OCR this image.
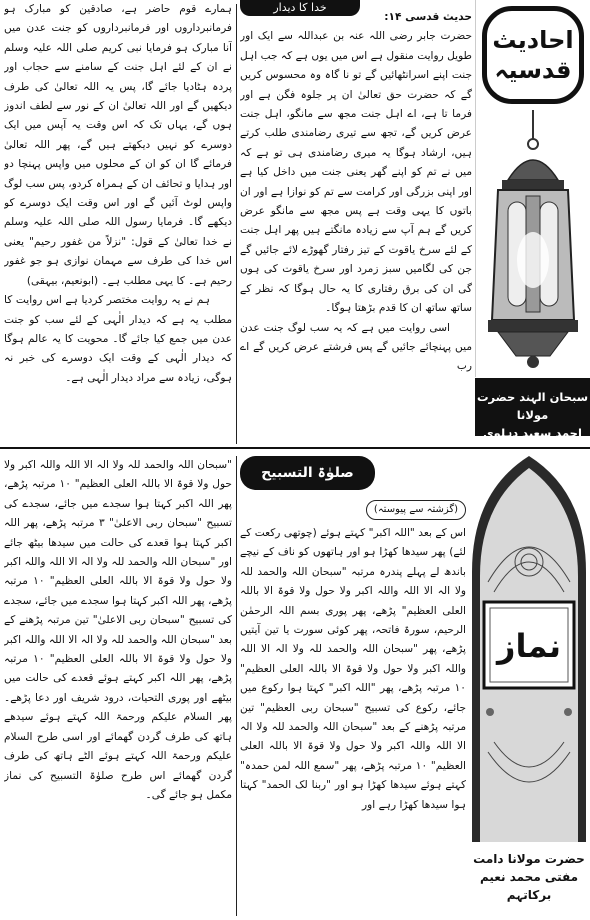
خدا کا دیدار

حدیث قدسی ۱۴:

حضرت جابر رضی اللہ عنہ بن عبداللہ سے ایک اور طویل روایت منقول ہے اس میں یوں ہے کہ جب اہل جنت اپنے اسرانٹھائیں گے تو نا گاہ وہ محسوس کریں گے کہ حضرت حق تعالیٰ ان پر جلوہ فگن ہے اور فرما تا ہے، اے اہل جنت مجھ سے مانگو، اہل جنت عرض کریں گے، تجھ سے تیری رضامندی طلب کرتے ہیں، ارشاد ہوگا یہ میری رضامندی ہی تو ہے کہ میں نے تم کو اپنے گھر یعنی جنت میں داخل کیا ہے اور اپنی بزرگی اور کرامت سے تم کو نوازا ہے اور ان باتوں کا یہی وقت ہے پس مجھ سے مانگو عرض کریں گے ہم آپ سے زیادہ مانگتے ہیں پھر اہل جنت کے لئے سرخ یاقوت کے تیز رفتار گھوڑے لائے جائیں گے جن کی لگامیں سبز زمرد اور سرخ یاقوت کی ہوں گی ان کی برق رفتاری کا یہ حال ہوگا کہ نظر کے ساتھ ساتھ ان کا قدم بڑھتا ہوگا۔

اسی روایت میں ہے کہ یہ سب لوگ جنت عدن میں پہنچائے جائیں گے پس فرشتے عرض کریں گے اے رب

ہمارے قوم حاضر ہے، صادقین کو مبارک ہو فرمانبرداروں اور فرمانبرداروں کو جنت عدن میں آنا مبارک ہو فرمایا نبی کریم صلی اللہ علیہ وسلم نے ان کے لئے اہل جنت کے سامنے سے حجاب اور پردہ ہٹادیا جائے گا، پس یہ اللہ تعالیٰ کی طرف دیکھیں گے اور اللہ تعالیٰ ان کے نور سے لطف اندوز ہوں گے، یہاں تک کہ اس وقت یہ آپس میں ایک دوسرے کو نہیں دیکھتے ہیں گے، پھر اللہ تعالیٰ فرمائے گا ان کو ان کے محلوں میں واپس پہنچا دو اور ہدایا و تحائف ان کے ہمراہ کردو، پس سب لوگ واپس لوٹ آئیں گے اور اس وقت ایک دوسرے کو دیکھے گا۔ فرمایا رسول اللہ صلی اللہ علیہ وسلم نے خدا تعالیٰ کے قول: "نزلاً من غفور رحیم" یعنی اس خدا کی طرف سے مہمان نوازی ہو جو غفور رحیم ہے۔ کا یہی مطلب ہے۔ (ابونعیم، بیہقی)

ہم نے یہ روایت مختصر کردیا ہے اس روایت کا مطلب یہ ہے کہ دیدار الٰہی کے لئے سب کو جنت عدن میں جمع کیا جائے گا۔ محویت کا یہ عالم ہوگا کہ دیدار الٰہی کے وقت ایک دوسرے کی خبر نہ ہوگی، زیادہ سے مراد دیدار الٰہی ہے۔

احادیث
قدسیہ
سبحان الہند حضرت مولانا
احمد سعید دہلوی
صلوٰۃ التسبیح
(گزشتہ سے پیوستہ)

اس کے بعد "اللہ اکبر" کہتے ہوئے (چوتھی رکعت کے لئے) پھر سیدھا کھڑا ہو اور ہاتھوں کو ناف کے نیچے باندھ لے پہلے پندرہ مرتبہ "سبحان اللہ والحمد للہ ولا الہ الا اللہ واللہ اکبر ولا حول ولا قوۃ الا باللہ العلی العظیم" پڑھے، پھر پوری بسم اللہ الرحمٰن الرحیم، سورۃ فاتحہ، پھر کوئی سورت یا تین آیتیں پڑھے، پھر "سبحان اللہ والحمد للہ ولا الہ الا اللہ واللہ اکبر ولا حول ولا قوۃ الا باللہ العلی العظیم" ۱۰ مرتبہ پڑھے، پھر "اللہ اکبر" کہتا ہوا رکوع میں جائے، رکوع کی تسبیح "سبحان ربی العظیم" تین مرتبہ پڑھنے کے بعد "سبحان اللہ والحمد للہ ولا الہ الا اللہ واللہ اکبر ولا حول ولا قوۃ الا باللہ العلی العظیم" ۱۰ مرتبہ پڑھے، پھر "سمع اللہ لمن حمدہ" کہتے ہوئے سیدھا کھڑا ہو اور "ربنا لک الحمد" کہتا ہوا سیدھا کھڑا رہے اور

"سبحان اللہ والحمد للہ ولا الہ الا اللہ واللہ اکبر ولا حول ولا قوۃ الا باللہ العلی العظیم" ۱۰ مرتبہ پڑھے، پھر اللہ اکبر کہتا ہوا سجدے میں جائے، سجدے کی تسبیح "سبحان ربی الاعلیٰ" ۳ مرتبہ پڑھے، پھر اللہ اکبر کہتا ہوا قعدے کی حالت میں سیدھا بیٹھ جائے اور "سبحان اللہ والحمد للہ ولا الہ الا اللہ واللہ اکبر ولا حول ولا قوۃ الا باللہ العلی العظیم" ۱۰ مرتبہ پڑھے، پھر اللہ اکبر کہتا ہوا سجدے میں جائے، سجدے کی تسبیح "سبحان ربی الاعلیٰ" تین مرتبہ پڑھنے کے بعد "سبحان اللہ والحمد للہ ولا الہ الا اللہ واللہ اکبر ولا حول ولا قوۃ الا باللہ العلی العظیم" ۱۰ مرتبہ پڑھے، پھر اللہ اکبر کہتے ہوئے قعدے کی حالت میں بیٹھے اور پوری التحیات، درود شریف اور دعا پڑھے۔ پھر السلام علیکم ورحمۃ اللہ کہتے ہوئے سیدھے ہاتھ کی طرف گردن گھمائے اور اسی طرح السلام علیکم ورحمۃ اللہ کہتے ہوئے الٹے ہاتھ کی طرف گردن گھمائے اس طرح صلوٰۃ التسبیح کی نماز مکمل ہو جائے گی۔

نماز
حضرت مولانا دامت
مفتی محمد نعیم برکاتہم
